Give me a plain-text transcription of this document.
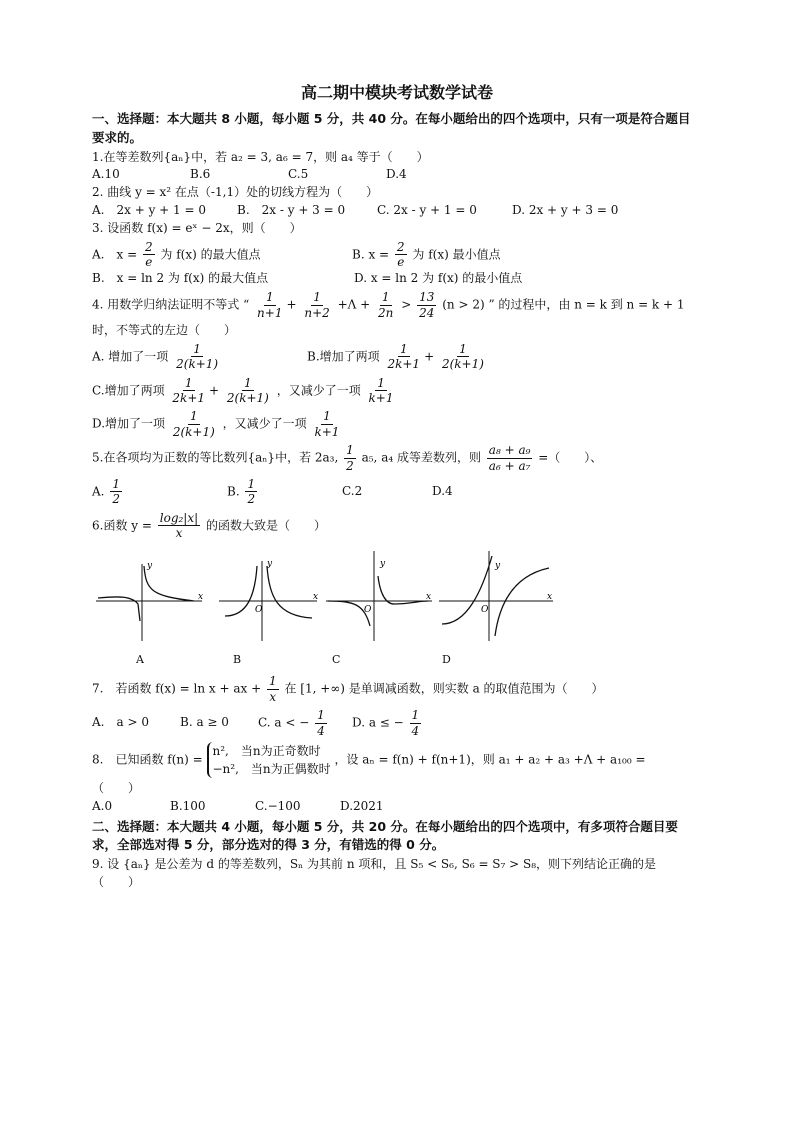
高二期中模块考试数学试卷
一、选择题：本大题共 8 小题，每小题 5 分，共 40 分。在每小题给出的四个选项中，只有一项是符合题目要求的。
1.在等差数列{aₙ}中，若 a₂ = 3, a₆ = 7，则 a₄ 等于（　　）
A.10	B.6	C.5	D.4
2. 曲线 y = x² 在点（-1,1）处的切线方程为（　　）
A.　2x + y + 1 = 0	B.　2x - y + 3 = 0	C. 2x - y + 1 = 0	D. 2x + y + 3 = 0
3. 设函数 f(x) = eˣ − 2x，则（　　）
A.　$x = \frac{2}{e}$ 为 f(x) 的最大值点	B. $x = \frac{2}{e}$ 为 f(x) 最小值点
B.　x = ln 2 为 f(x) 的最大值点	D. x = ln 2 为 f(x) 的最小值点
4. 用数学归纳法证明不等式 “ $\frac{1}{n+1} + \frac{1}{n+2} +\Lambda + \frac{1}{2n} > \frac{13}{24} (n > 2)$ ” 的过程中，由 n = k 到 n = k + 1
时，不等式的左边（　　）
A. 增加了一项 $\frac{1}{2(k+1)}$	B.增加了两项 $\frac{1}{2k+1} + \frac{1}{2(k+1)}$
C.增加了两项 $\frac{1}{2k+1} + \frac{1}{2(k+1)}$ ，又减少了一项 $\frac{1}{k+1}$
D.增加了一项 $\frac{1}{2(k+1)}$ ，又减少了一项 $\frac{1}{k+1}$
5.在各项均为正数的等比数列{aₙ}中，若 2a₃, $\frac{1}{2} a_5$, a₄ 成等差数列，则 $\frac{\text{a₈ + a₉}}{\text{a₆ + a₇}}$ =（　　）、
A. $\frac{1}{2}$	B. $\frac{1}{2}$	C.2	D.4
6.函数 $y = \frac{\text{log₂|x|}}{x}$ 的函数大致是（　　）
y
x
y
O
x
y
O
x
y
O
x
A	B	C	D
7.　若函数 f(x) = ln x + ax + $\frac{1}{x}$ 在 [1, +∞) 是单调减函数，则实数 a 的取值范围为（　　）
A.　a > 0	B. a ≥ 0	C. a < − $\frac{1}{4} D$. a ≤ − $\frac{1}{4}$
8.　已知函数 f(n) =
n²,　当n为正奇数时
−n²,　当n为正偶数时
，设 aₙ = f(n) + f(n+1)，则 a₁ + a₂ + a₃ +Λ + a₁₀₀ =
（　　）
A.0	B.100	C.−100	D.2021
二、选择题：本大题共 4 小题，每小题 5 分，共 20 分。在每小题给出的四个选项中，有多项符合题目要求，全部选对得 5 分，部分选对的得 3 分，有错选的得 0 分。
9. 设 {aₙ} 是公差为 d 的等差数列，Sₙ 为其前 n 项和，且 S₅ < S₆, S₆ = S₇ > S₈，则下列结论正确的是
（　　）
